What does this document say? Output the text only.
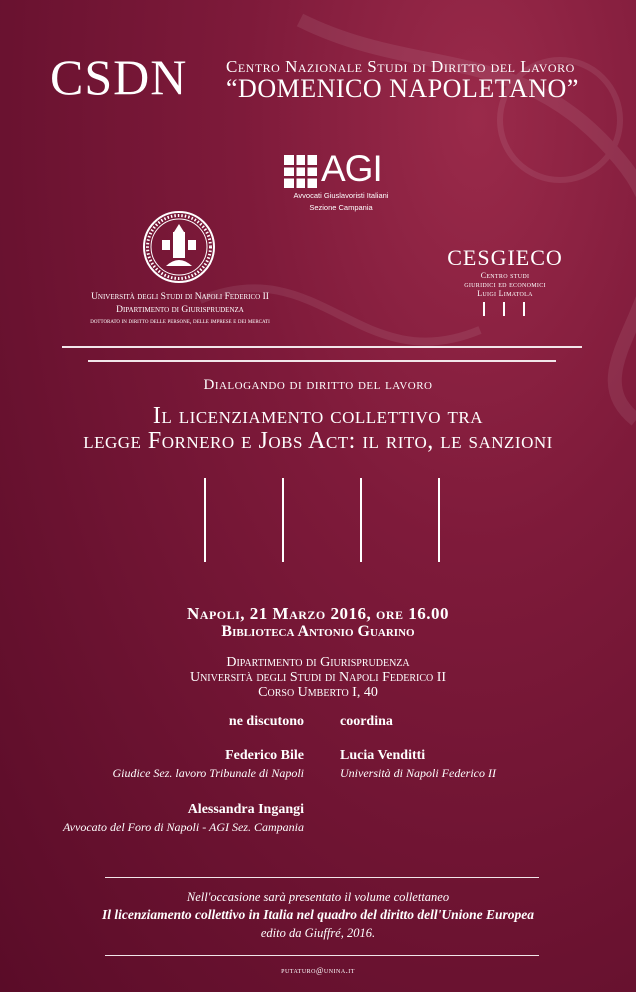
CSDN Centro Nazionale Studi di Diritto del Lavoro
“DOMENICO NAPOLETANO”
AGI
Avvocati Giuslavoristi Italiani
Sezione Campania
Università degli Studi di Napoli Federico II
Dipartimento di Giurisprudenza
dottorato in diritto delle persone, delle imprese e dei mercati
CESGIECO
Centro studi
giuridici ed economici
Luigi Limatola
Dialogando di diritto del lavoro
Il licenziamento collettivo tra
legge Fornero e Jobs Act: il rito, le sanzioni
Napoli, 21 Marzo 2016, ore 16.00
Biblioteca Antonio Guarino
Dipartimento di Giurisprudenza
Università degli Studi di Napoli Federico II
Corso Umberto I, 40
ne discutono	coordina
Federico Bile
Giudice Sez. lavoro Tribunale di Napoli
Lucia Venditti
Università di Napoli Federico II
Alessandra Ingangi
Avvocato del Foro di Napoli - AGI Sez. Campania
Nell'occasione sarà presentato il volume collettaneo
Il licenziamento collettivo in Italia nel quadro del diritto dell'Unione Europea
edito da Giuffré, 2016.
putaturo@unina.it
